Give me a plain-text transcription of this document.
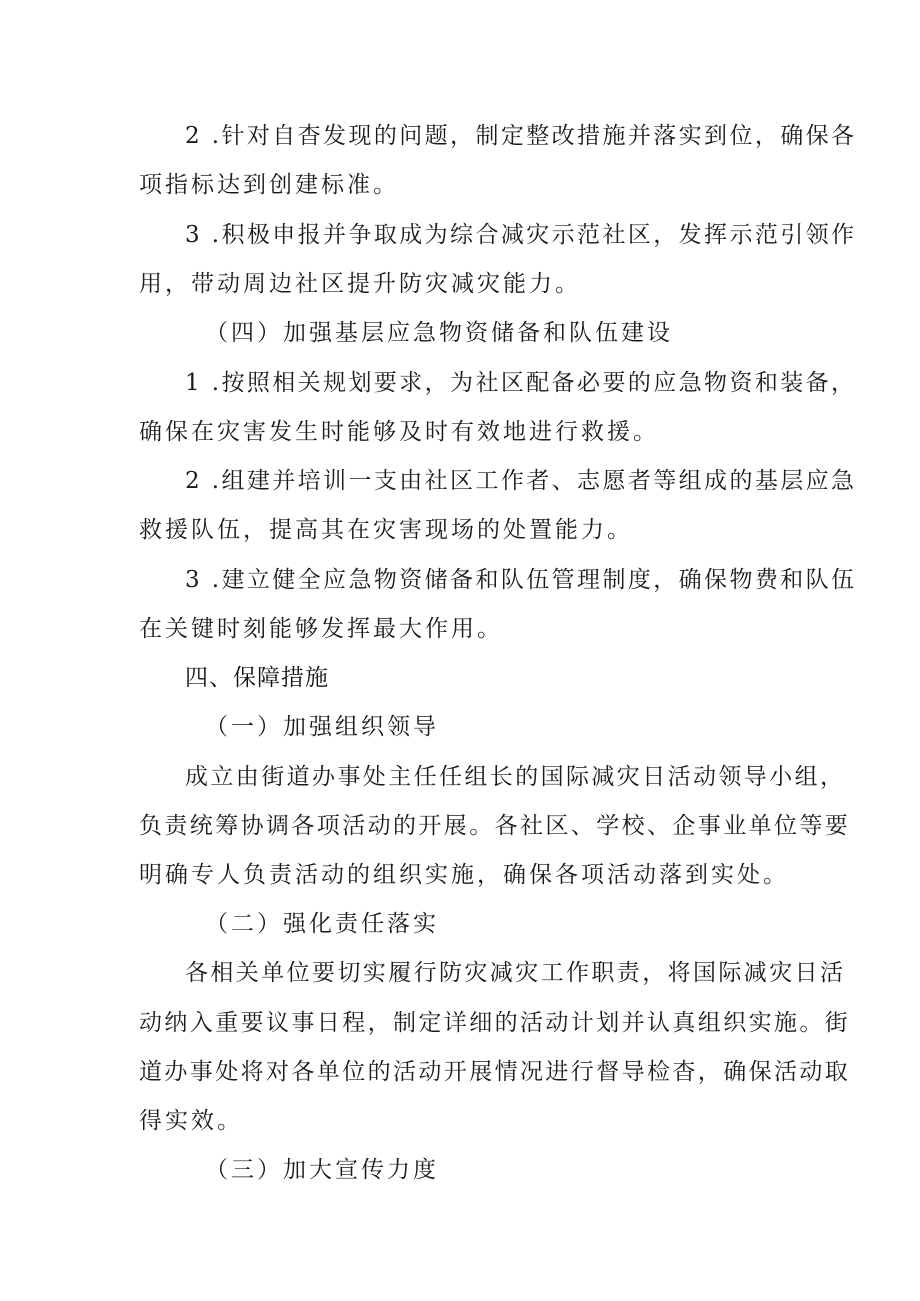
2 .针对自杳发现的问题，制定整改措施并落实到位，确保各
项指标达到创建标准。
3 .积极申报并争取成为综合减灾示范社区，发挥示范引领作
用，带动周边社区提升防灾减灾能力。
（四）加强基层应急物资储备和队伍建设
1 .按照相关规划要求，为社区配备必要的应急物资和装备，
确保在灾害发生时能够及时有效地进行救援。
2 .组建并培训一支由社区工作者、志愿者等组成的基层应急
救援队伍，提高其在灾害现场的处置能力。
3 .建立健全应急物资储备和队伍管理制度，确保物费和队伍
在关键时刻能够发挥最大作用。
四、保障措施
（一）加强组织领导
成立由街道办事处主任任组长的国际减灾日活动领导小组，
负责统筹协调各项活动的开展。各社区、学校、企事业单位等要
明确专人负责活动的组织实施，确保各项活动落到实处。
（二）强化责任落实
各相关单位要切实履行防灾减灾工作职责，将国际减灾日活
动纳入重要议事日程，制定详细的活动计划并认真组织实施。街
道办事处将对各单位的活动开展情况进行督导检杳，确保活动取
得实效。
（三）加大宣传力度
